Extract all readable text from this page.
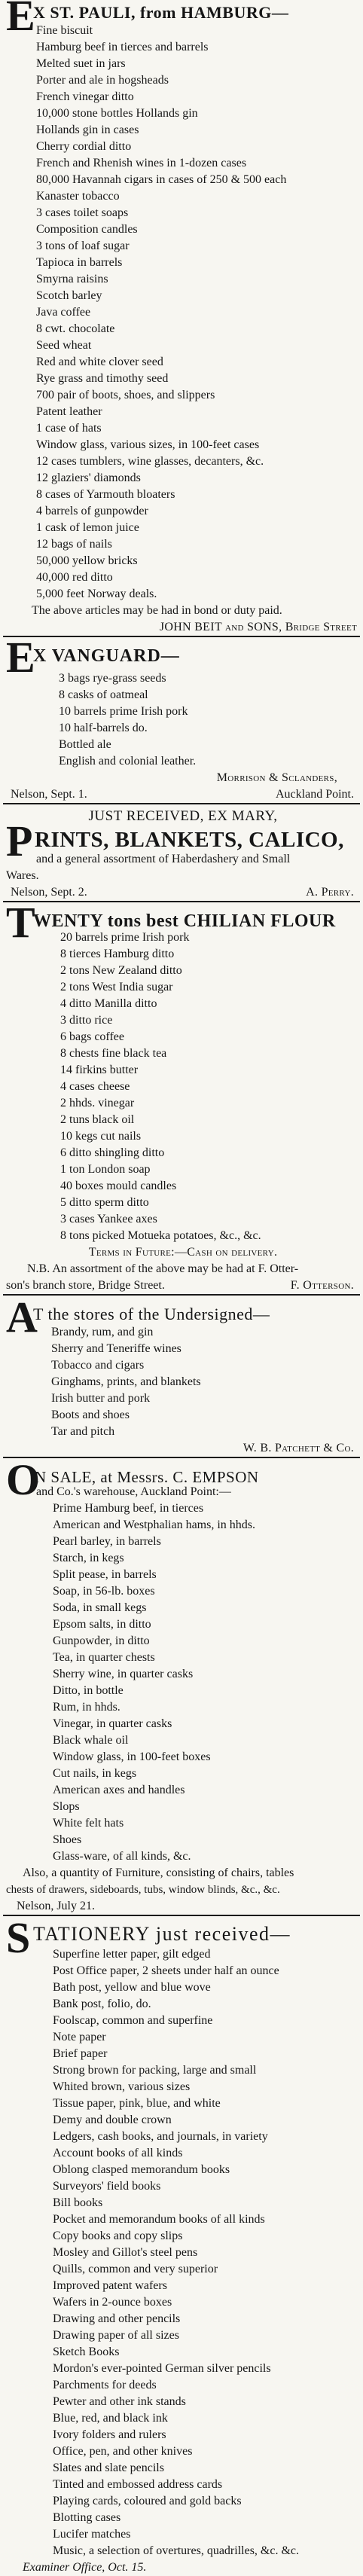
E
X ST. PAULI, from HAMBURG—
Fine biscuit
Hamburg beef in tierces and barrels
Melted suet in jars
Porter and ale in hogsheads
French vinegar ditto
10,000 stone bottles Hollands gin
Hollands gin in cases
Cherry cordial ditto
French and Rhenish wines in 1-dozen cases
80,000 Havannah cigars in cases of 250 & 500 each
Kanaster tobacco
3 cases toilet soaps
Composition candles
3 tons of loaf sugar
Tapioca in barrels
Smyrna raisins
Scotch barley
Java coffee
8 cwt. chocolate
Seed wheat
Red and white clover seed
Rye grass and timothy seed
700 pair of boots, shoes, and slippers
Patent leather
1 case of hats
Window glass, various sizes, in 100-feet cases
12 cases tumblers, wine glasses, decanters, &c.
12 glaziers' diamonds
8 cases of Yarmouth bloaters
4 barrels of gunpowder
1 cask of lemon juice
12 bags of nails
50,000 yellow bricks
40,000 red ditto
5,000 feet Norway deals.
The above articles may be had in bond or duty paid.
JOHN BEIT and SONS, Bridge Street
E
X VANGUARD—
3 bags rye-grass seeds
8 casks of oatmeal
10 barrels prime Irish pork
10 half-barrels do.
Bottled ale
English and colonial leather.
Morrison & Sclanders,
Nelson, Sept. 1.	Auckland Point.
JUST RECEIVED, EX MARY,
P RINTS, BLANKETS, CALICO,
and a general assortment of Haberdashery and Small
Wares.
Nelson, Sept. 2.	A. Perry.
T
WENTY tons best CHILIAN FLOUR
20 barrels prime Irish pork
8 tierces Hamburg ditto
2 tons New Zealand ditto
2 tons West India sugar
4 ditto Manilla ditto
3 ditto rice
6 bags coffee
8 chests fine black tea
14 firkins butter
4 cases cheese
2 hhds. vinegar
2 tuns black oil
10 kegs cut nails
6 ditto shingling ditto
1 ton London soap
40 boxes mould candles
5 ditto sperm ditto
3 cases Yankee axes
8 tons picked Motueka potatoes, &c., &c.
Terms in Future:—Cash on delivery.
N.B. An assortment of the above may be had at F. Otter-
son's branch store, Bridge Street.	F. Otterson.
A
T the stores of the Undersigned—
Brandy, rum, and gin
Sherry and Teneriffe wines
Tobacco and cigars
Ginghams, prints, and blankets
Irish butter and pork
Boots and shoes
Tar and pitch
W. B. Patchett & Co.
O
N SALE, at Messrs. C. EMPSON
and Co.'s warehouse, Auckland Point:—
Prime Hamburg beef, in tierces
American and Westphalian hams, in hhds.
Pearl barley, in barrels
Starch, in kegs
Split pease, in barrels
Soap, in 56-lb. boxes
Soda, in small kegs
Epsom salts, in ditto
Gunpowder, in ditto
Tea, in quarter chests
Sherry wine, in quarter casks
Ditto, in bottle
Rum, in hhds.
Vinegar, in quarter casks
Black whale oil
Window glass, in 100-feet boxes
Cut nails, in kegs
American axes and handles
Slops
White felt hats
Shoes
Glass-ware, of all kinds, &c.
Also, a quantity of Furniture, consisting of chairs, tables
chests of drawers, sideboards, tubs, window blinds, &c., &c.
Nelson, July 21.
S TATIONERY just received—
Superfine letter paper, gilt edged
Post Office paper, 2 sheets under half an ounce
Bath post, yellow and blue wove
Bank post, folio, do.
Foolscap, common and superfine
Note paper
Brief paper
Strong brown for packing, large and small
Whited brown, various sizes
Tissue paper, pink, blue, and white
Demy and double crown
Ledgers, cash books, and journals, in variety
Account books of all kinds
Oblong clasped memorandum books
Surveyors' field books
Bill books
Pocket and memorandum books of all kinds
Copy books and copy slips
Mosley and Gillot's steel pens
Quills, common and very superior
Improved patent wafers
Wafers in 2-ounce boxes
Drawing and other pencils
Drawing paper of all sizes
Sketch Books
Mordon's ever-pointed German silver pencils
Parchments for deeds
Pewter and other ink stands
Blue, red, and black ink
Ivory folders and rulers
Office, pen, and other knives
Slates and slate pencils
Tinted and embossed address cards
Playing cards, coloured and gold backs
Blotting cases
Lucifer matches
Music, a selection of overtures, quadrilles, &c. &c.
Examiner Office, Oct. 15.
